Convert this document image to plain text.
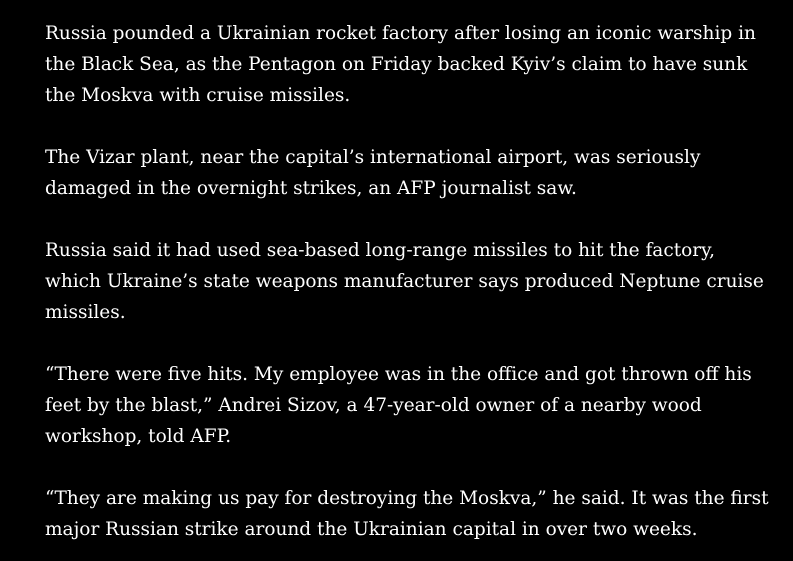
Russia pounded a Ukrainian rocket factory after losing an iconic warship in the Black Sea, as the Pentagon on Friday backed Kyiv’s claim to have sunk the Moskva with cruise missiles.

The Vizar plant, near the capital’s international airport, was seriously damaged in the overnight strikes, an AFP journalist saw.

Russia said it had used sea-based long-range missiles to hit the factory, which Ukraine’s state weapons manufacturer says produced Neptune cruise missiles.

“There were five hits. My employee was in the office and got thrown off his feet by the blast,” Andrei Sizov, a 47-year-old owner of a nearby wood workshop, told AFP.

“They are making us pay for destroying the Moskva,” he said. It was the first major Russian strike around the Ukrainian capital in over two weeks.
